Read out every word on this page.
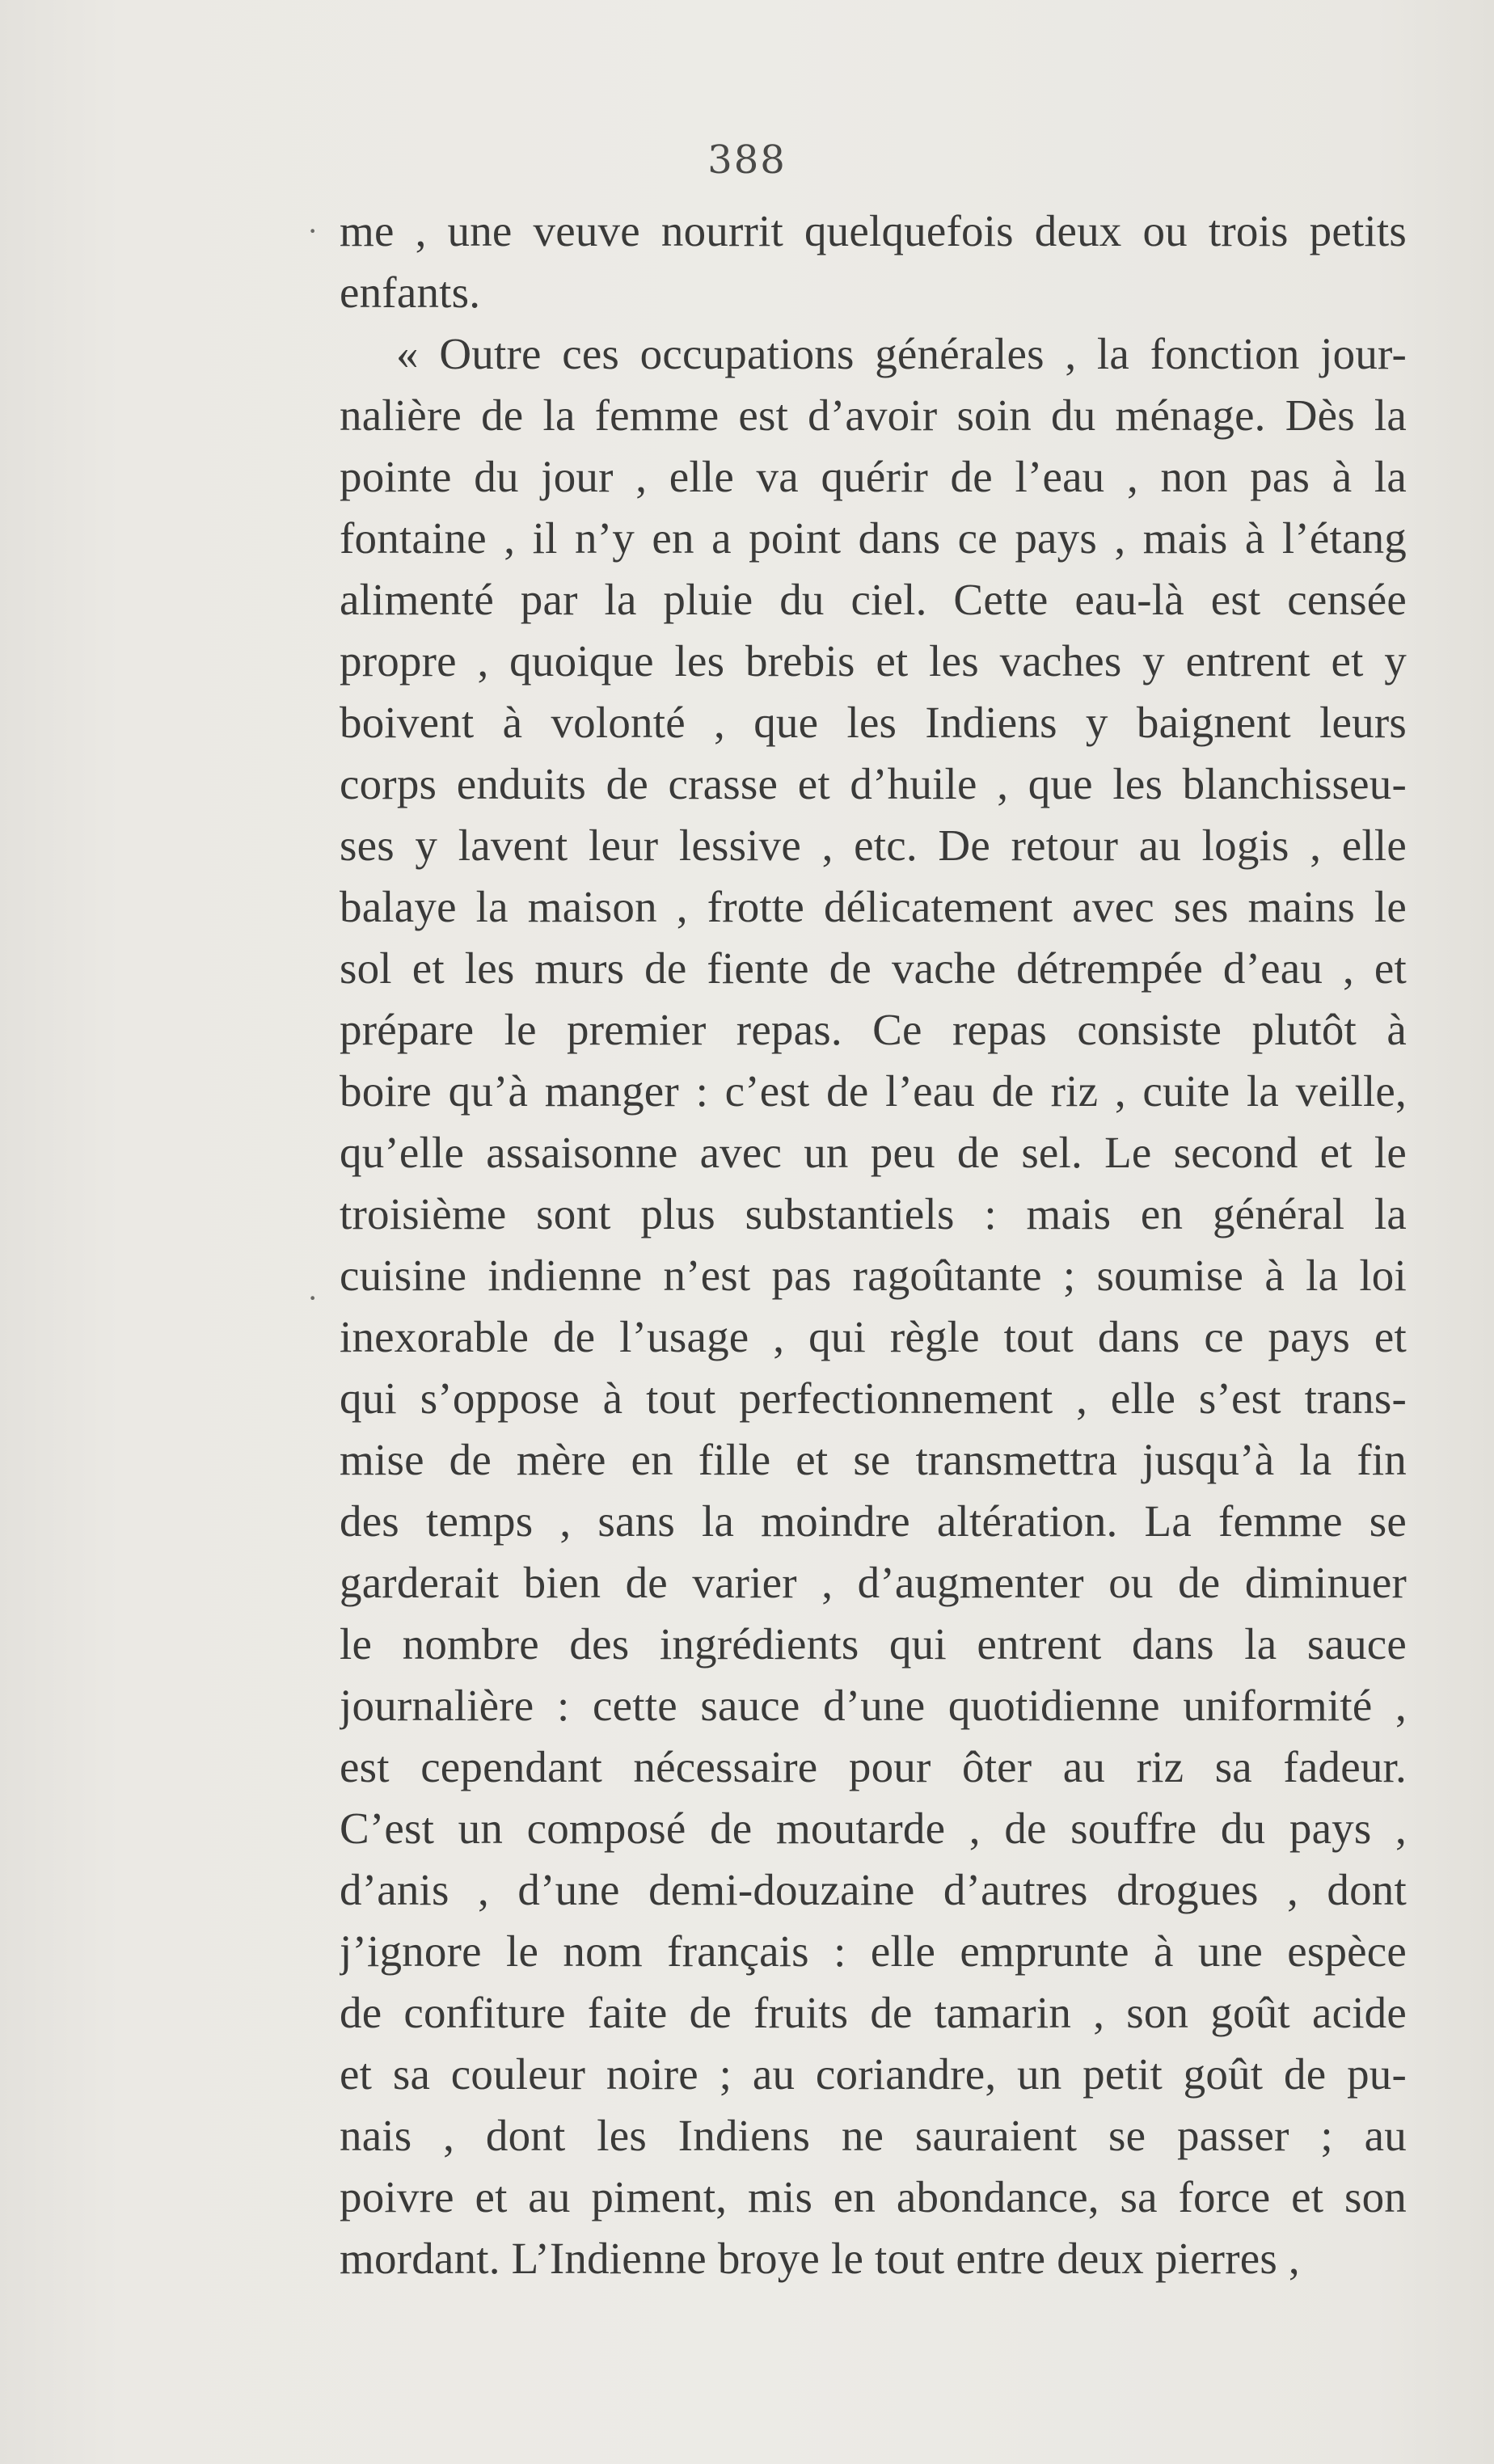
388
·
·
me , une veuve nourrit quelquefois deux ou trois petits
enfants.
« Outre ces occupations générales , la fonction jour-
nalière de la femme est d’avoir soin du ménage. Dès la
pointe du jour , elle va quérir de l’eau , non pas à la
fontaine , il n’y en a point dans ce pays , mais à l’étang
alimenté par la pluie du ciel. Cette eau-là est censée
propre , quoique les brebis et les vaches y entrent et y
boivent à volonté , que les Indiens y baignent leurs
corps enduits de crasse et d’huile , que les blanchisseu-
ses y lavent leur lessive , etc. De retour au logis , elle
balaye la maison , frotte délicatement avec ses mains le
sol et les murs de fiente de vache détrempée d’eau , et
prépare le premier repas. Ce repas consiste plutôt à
boire qu’à manger : c’est de l’eau de riz , cuite la veille,
qu’elle assaisonne avec un peu de sel. Le second et le
troisième sont plus substantiels : mais en général la
cuisine indienne n’est pas ragoûtante ; soumise à la loi
inexorable de l’usage , qui règle tout dans ce pays et
qui s’oppose à tout perfectionnement , elle s’est trans-
mise de mère en fille et se transmettra jusqu’à la fin
des temps , sans la moindre altération. La femme se
garderait bien de varier , d’augmenter ou de diminuer
le nombre des ingrédients qui entrent dans la sauce
journalière : cette sauce d’une quotidienne uniformité ,
est cependant nécessaire pour ôter au riz sa fadeur.
C’est un composé de moutarde , de souffre du pays ,
d’anis , d’une demi-douzaine d’autres drogues , dont
j’ignore le nom français : elle emprunte à une espèce
de confiture faite de fruits de tamarin , son goût acide
et sa couleur noire ; au coriandre, un petit goût de pu-
nais , dont les Indiens ne sauraient se passer ; au
poivre et au piment, mis en abondance, sa force et son
mordant. L’Indienne broye le tout entre deux pierres ,
